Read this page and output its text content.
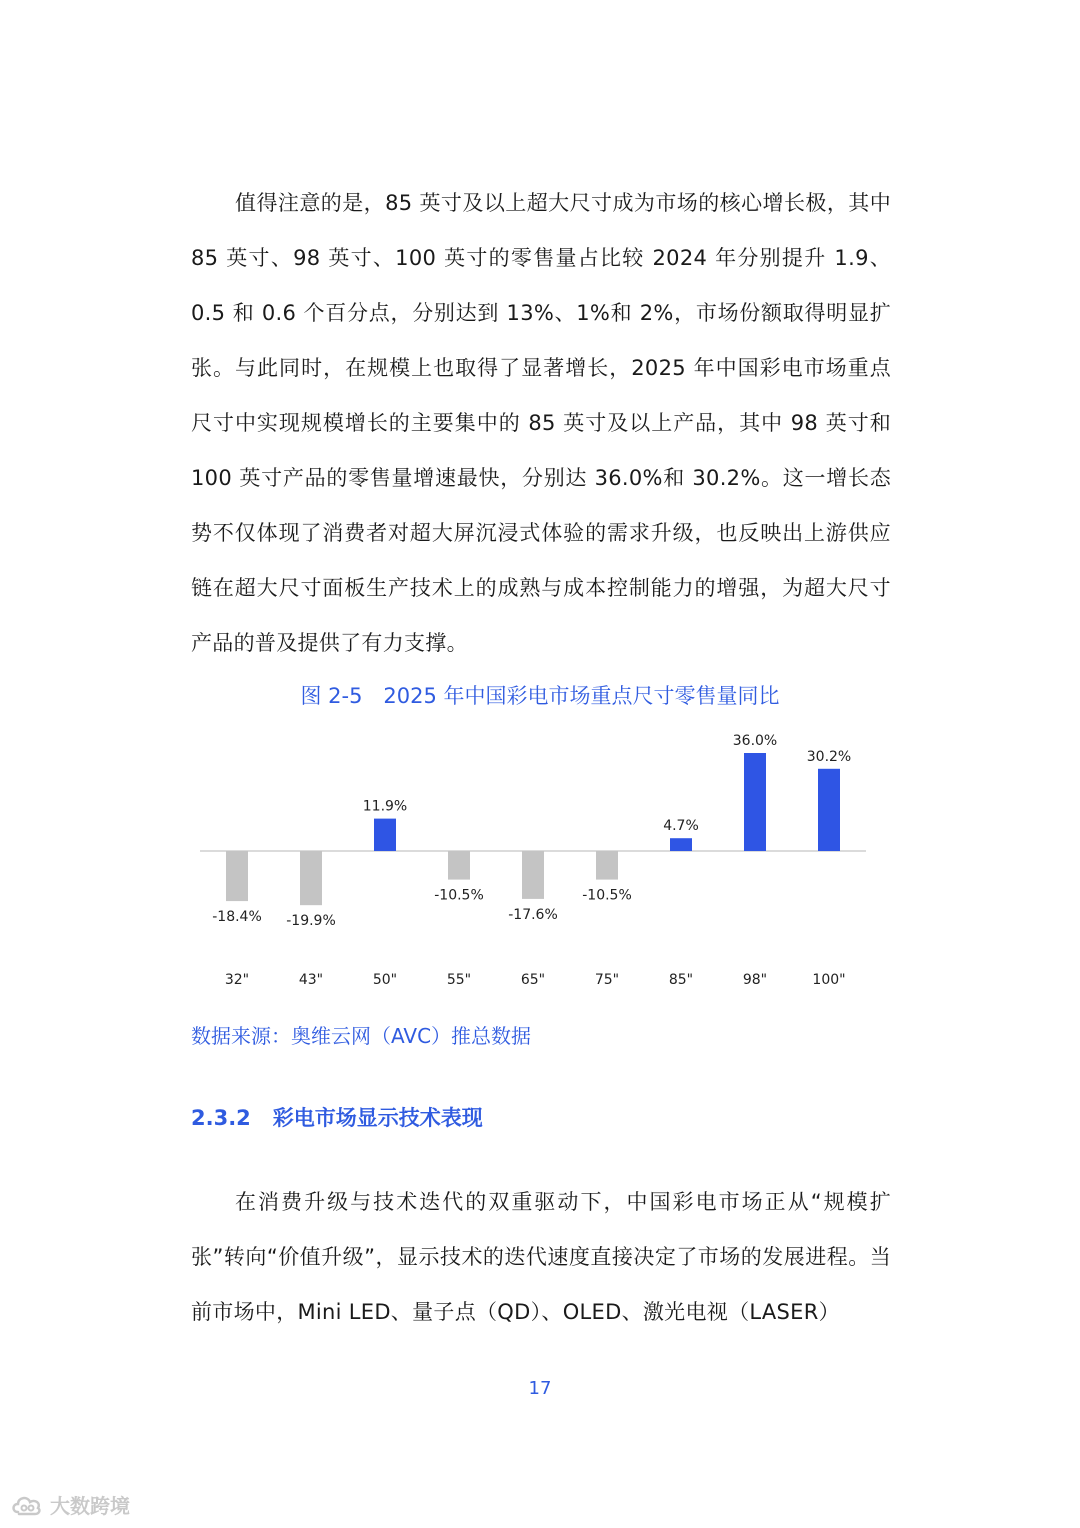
值得注意的是，85 英寸及以上超大尺寸成为市场的核心增长极，其中 85 英寸、98 英寸、100 英寸的零售量占比较 2024 年分别提升 1.9、0.5 和 0.6 个百分点，分别达到 13%、1%和 2%，市场份额取得明显扩张。与此同时，在规模上也取得了显著增长，2025 年中国彩电市场重点尺寸中实现规模增长的主要集中的 85 英寸及以上产品，其中 98 英寸和 100 英寸产品的零售量增速最快，分别达 36.0%和 30.2%。这一增长态势不仅体现了消费者对超大屏沉浸式体验的需求升级，也反映出上游供应链在超大尺寸面板生产技术上的成熟与成本控制能力的增强，为超大尺寸产品的普及提供了有力支撑。

图 2-5　2025 年中国彩电市场重点尺寸零售量同比

-18.4%
32"
-19.9%
43"
11.9%
50"
-10.5%
55"
-17.6%
65"
-10.5%
75"
4.7%
85"
36.0%
98"
30.2%
100"

数据来源：奥维云网（AVC）推总数据

2.3.2 彩电市场显示技术表现

在消费升级与技术迭代的双重驱动下，中国彩电市场正从“规模扩张”转向“价值升级”，显示技术的迭代速度直接决定了市场的发展进程。当前市场中，Mini LED、量子点（QD）、OLED、激光电视（LASER）

17
大数跨境
